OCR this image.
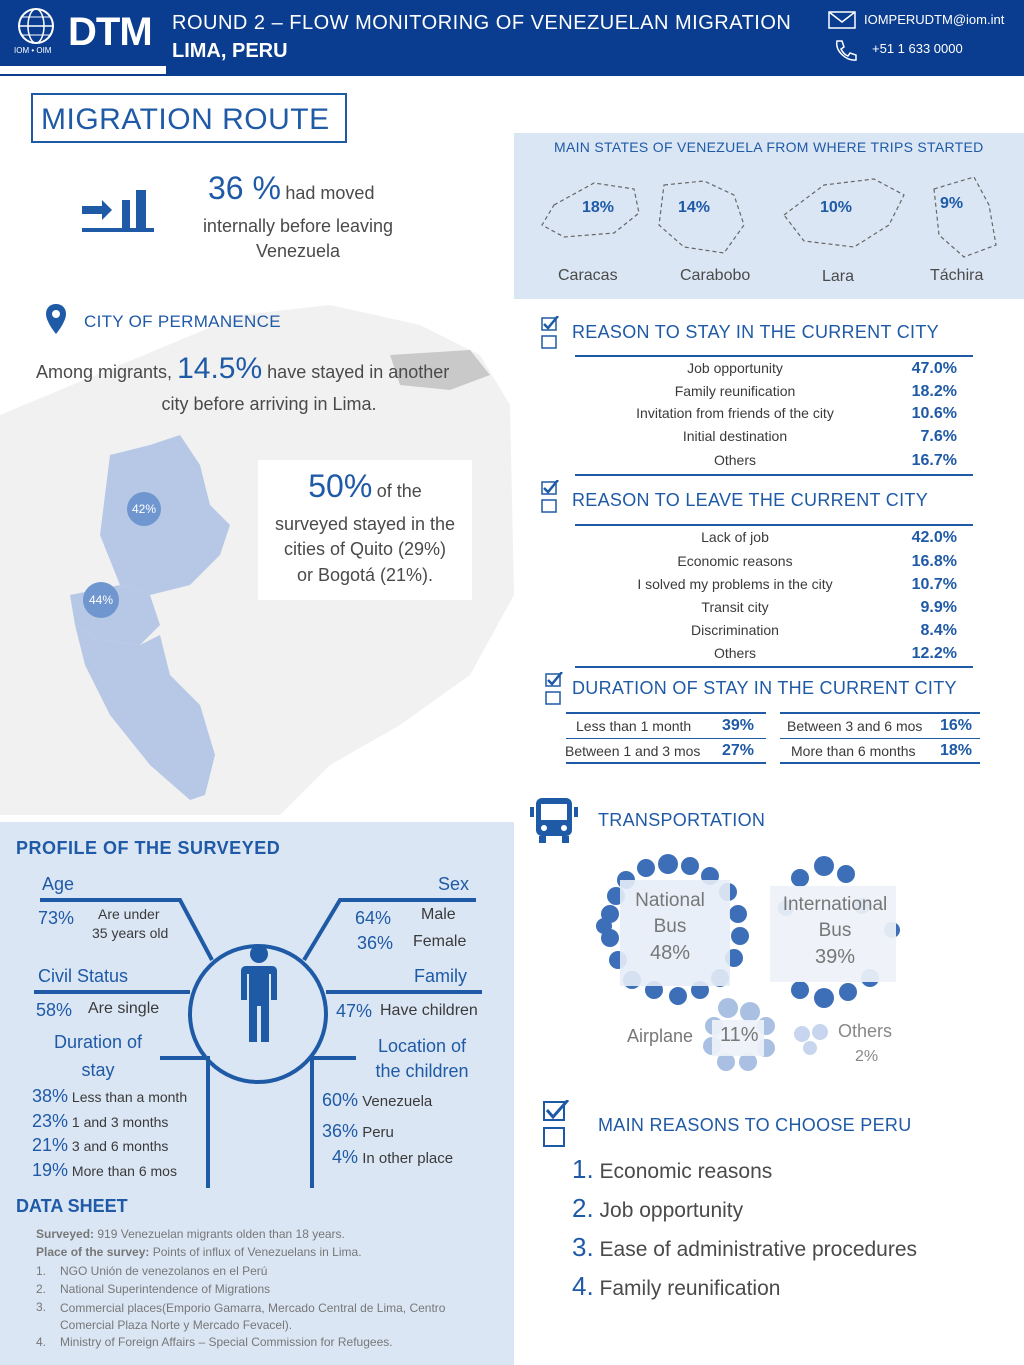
IOM • OIM DTM ROUND 2 – FLOW MONITORING OF VENEZUELAN MIGRATION
LIMA, PERU
IOMPERUDTM@iom.int
+51 1 633 0000
42%
44%
MIGRATION ROUTE
36 % had moved
internally before leaving
Venezuela
MAIN STATES OF VENEZUELA FROM WHERE TRIPS STARTED
18%	14%	10%	9%
Caracas	Carabobo	Lara	Táchira
CITY OF PERMANENCE
Among migrants, 14.5% have stayed in another
city before arriving in Lima.
50% of the
surveyed stayed in the
cities of Quito (29%)
or Bogotá (21%).
REASON TO STAY IN THE CURRENT CITY
Job opportunity	47.0%
Family reunification	18.2%
Invitation from friends of the city	10.6%
Initial destination	7.6%
Others	16.7%
REASON TO LEAVE THE CURRENT CITY
Lack of job	42.0%
Economic reasons	16.8%
I solved my problems in the city	10.7%
Transit city	9.9%
Discrimination	8.4%
Others	12.2%
DURATION OF STAY IN THE CURRENT CITY
Less than 1 month 39% Between 3 and 6 mos 16%
Between 1 and 3 mos 27%	More than 6 months 18%
TRANSPORTATION
National
Bus
48%
International
Bus
39%
Airplane 11%	Others
2%
MAIN REASONS TO CHOOSE PERU
1. Economic reasons
2. Job opportunity
3. Ease of administrative procedures
4. Family reunification
PROFILE OF THE SURVEYED
Age
73% Are under
35 years old
Sex
64% Male
36% Female
Civil Status
58% Are single
Family
47% Have children
Duration of
stay
38% Less than a month
23% 1 and 3 months
21% 3 and 6 months
19% More than 6 mos
Location of
the children
60% Venezuela
36% Peru
4% In other place
DATA SHEET
Surveyed: 919 Venezuelan migrants olden than 18 years.
Place of the survey: Points of influx of Venezuelans in Lima.
1. NGO Unión de venezolanos en el Perú
2. National Superintendence of Migrations
3.	Commercial places(Emporio Gamarra, Mercado Central de Lima, Centro Comercial Plaza Norte y Mercado Fevacel).
4. Ministry of Foreign Affairs – Special Commission for Refugees.
